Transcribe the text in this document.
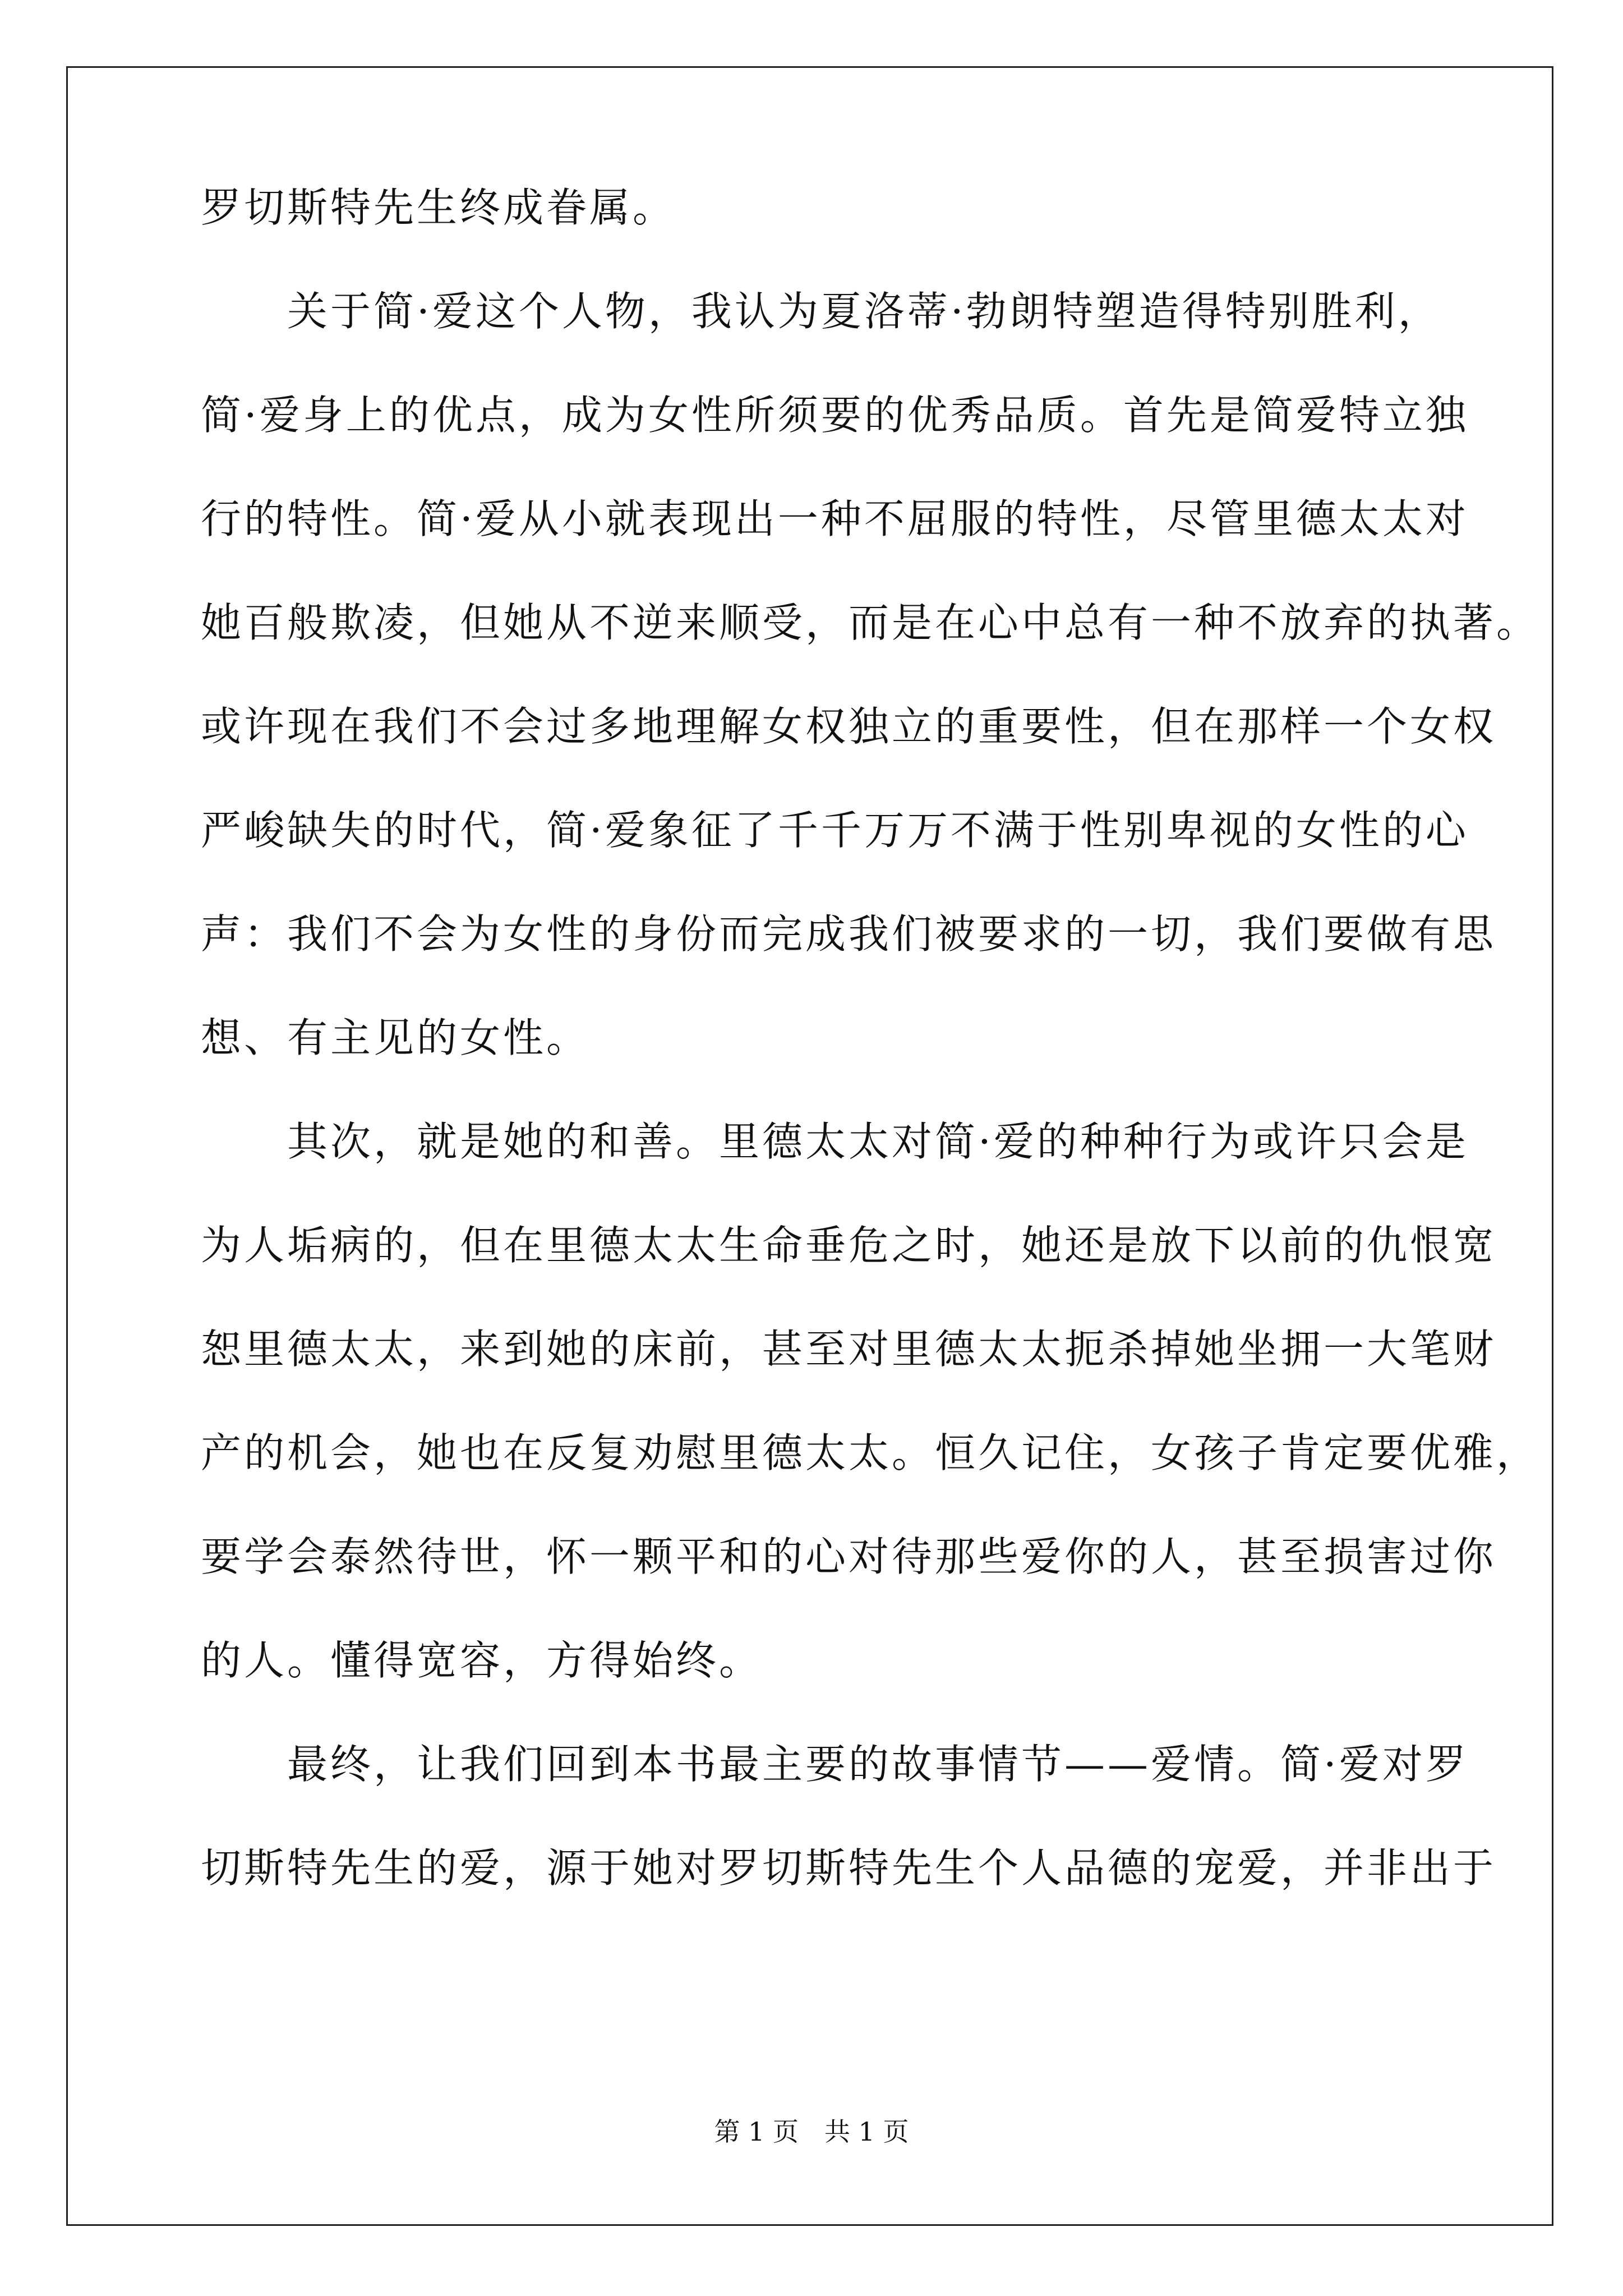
罗切斯特先生终成眷属。

　　关于简·爱这个人物，我认为夏洛蒂·勃朗特塑造得特别胜利，

简·爱身上的优点，成为女性所须要的优秀品质。首先是简爱特立独

行的特性。简·爱从小就表现出一种不屈服的特性，尽管里德太太对

她百般欺凌，但她从不逆来顺受，而是在心中总有一种不放弃的执著。

或许现在我们不会过多地理解女权独立的重要性，但在那样一个女权

严峻缺失的时代，简·爱象征了千千万万不满于性别卑视的女性的心

声：我们不会为女性的身份而完成我们被要求的一切，我们要做有思

想、有主见的女性。

　　其次，就是她的和善。里德太太对简·爱的种种行为或许只会是

为人垢病的，但在里德太太生命垂危之时，她还是放下以前的仇恨宽

恕里德太太，来到她的床前，甚至对里德太太扼杀掉她坐拥一大笔财

产的机会，她也在反复劝慰里德太太。恒久记住，女孩子肯定要优雅，

要学会泰然待世，怀一颗平和的心对待那些爱你的人，甚至损害过你

的人。懂得宽容，方得始终。

　　最终，让我们回到本书最主要的故事情节——爱情。简·爱对罗

切斯特先生的爱，源于她对罗切斯特先生个人品德的宠爱，并非出于

第 1 页　共 1 页
